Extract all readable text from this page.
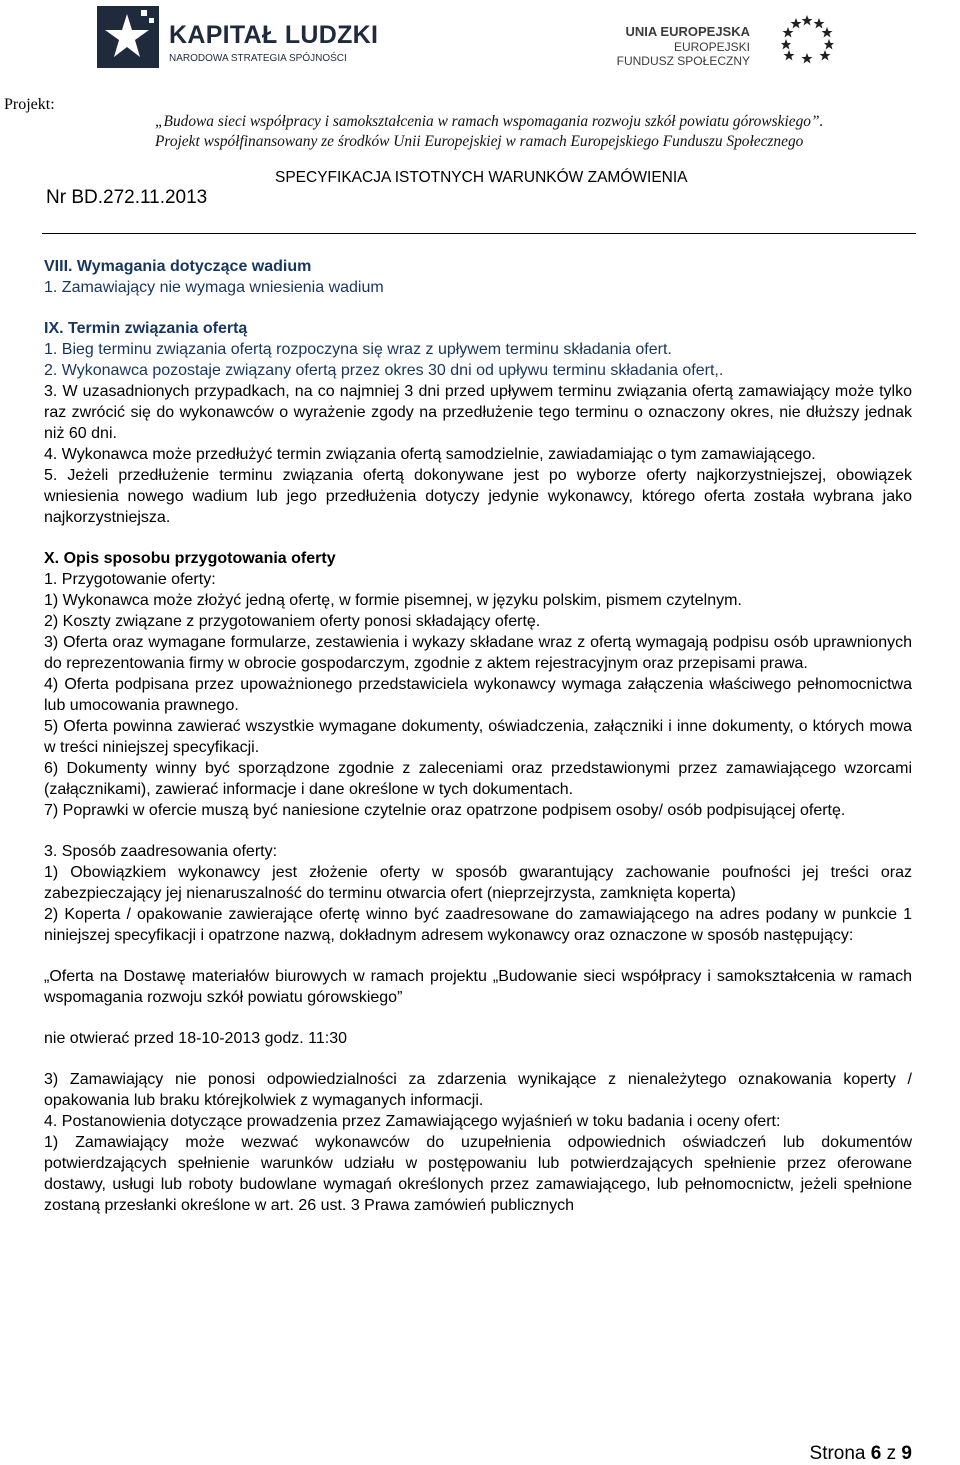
KAPITAŁ LUDZKI
NARODOWA STRATEGIA SPÓJNOŚCI
UNIA EUROPEJSKA
EUROPEJSKI
FUNDUSZ SPOŁECZNY
Projekt:
„Budowa sieci współpracy i samokształcenia w ramach wspomagania rozwoju szkół powiatu górowskiego”.
Projekt współfinansowany ze środków Unii Europejskiej w ramach Europejskiego Funduszu Społecznego
Nr BD.272.11.2013
SPECYFIKACJA ISTOTNYCH WARUNKÓW ZAMÓWIENIA

VIII. Wymagania dotyczące wadium

1. Zamawiający nie wymaga wniesienia wadium

IX. Termin związania ofertą

1. Bieg terminu związania ofertą rozpoczyna się wraz z upływem terminu składania ofert.

2. Wykonawca pozostaje związany ofertą przez okres 30 dni od upływu terminu składania ofert,.

3. W uzasadnionych przypadkach, na co najmniej 3 dni przed upływem terminu związania ofertą zamawiający może tylko raz zwrócić się do wykonawców o wyrażenie zgody na przedłużenie tego terminu o oznaczony okres, nie dłuższy jednak niż 60 dni.

4. Wykonawca może przedłużyć termin związania ofertą samodzielnie, zawiadamiając o tym zamawiającego.

5. Jeżeli przedłużenie terminu związania ofertą dokonywane jest po wyborze oferty najkorzystniejszej, obowiązek wniesienia nowego wadium lub jego przedłużenia dotyczy jedynie wykonawcy, którego oferta została wybrana jako najkorzystniejsza.

X. Opis sposobu przygotowania oferty

1. Przygotowanie oferty:

1) Wykonawca może złożyć jedną ofertę, w formie pisemnej, w języku polskim, pismem czytelnym.

2) Koszty związane z przygotowaniem oferty ponosi składający ofertę.

3) Oferta oraz wymagane formularze, zestawienia i wykazy składane wraz z ofertą wymagają podpisu osób uprawnionych do reprezentowania firmy w obrocie gospodarczym, zgodnie z aktem rejestracyjnym oraz przepisami prawa.

4) Oferta podpisana przez upoważnionego przedstawiciela wykonawcy wymaga załączenia właściwego pełnomocnictwa lub umocowania prawnego.

5) Oferta powinna zawierać wszystkie wymagane dokumenty, oświadczenia, załączniki i inne dokumenty, o których mowa w treści niniejszej specyfikacji.

6) Dokumenty winny być sporządzone zgodnie z zaleceniami oraz przedstawionymi przez zamawiającego wzorcami (załącznikami), zawierać informacje i dane określone w tych dokumentach.

7) Poprawki w ofercie muszą być naniesione czytelnie oraz opatrzone podpisem osoby/ osób podpisującej ofertę.

3. Sposób zaadresowania oferty:

1) Obowiązkiem wykonawcy jest złożenie oferty w sposób gwarantujący zachowanie poufności jej treści oraz zabezpieczający jej nienaruszalność do terminu otwarcia ofert (nieprzejrzysta, zamknięta koperta)

2) Koperta / opakowanie zawierające ofertę winno być zaadresowane do zamawiającego na adres podany w punkcie 1 niniejszej specyfikacji i opatrzone nazwą, dokładnym adresem wykonawcy oraz oznaczone w sposób następujący:

„Oferta na Dostawę materiałów biurowych w ramach projektu „Budowanie sieci współpracy i samokształcenia w ramach wspomagania rozwoju szkół powiatu górowskiego”

nie otwierać przed 18-10-2013 godz. 11:30

3) Zamawiający nie ponosi odpowiedzialności za zdarzenia wynikające z nienależytego oznakowania koperty / opakowania lub braku którejkolwiek z wymaganych informacji.

4. Postanowienia dotyczące prowadzenia przez Zamawiającego wyjaśnień w toku badania i oceny ofert:

1) Zamawiający może wezwać wykonawców do uzupełnienia odpowiednich oświadczeń lub dokumentów potwierdzających spełnienie warunków udziału w postępowaniu lub potwierdzających spełnienie przez oferowane dostawy, usługi lub roboty budowlane wymagań określonych przez zamawiającego, lub pełnomocnictw, jeżeli spełnione zostaną przesłanki określone w art. 26 ust. 3 Prawa zamówień publicznych

Strona 6 z 9
